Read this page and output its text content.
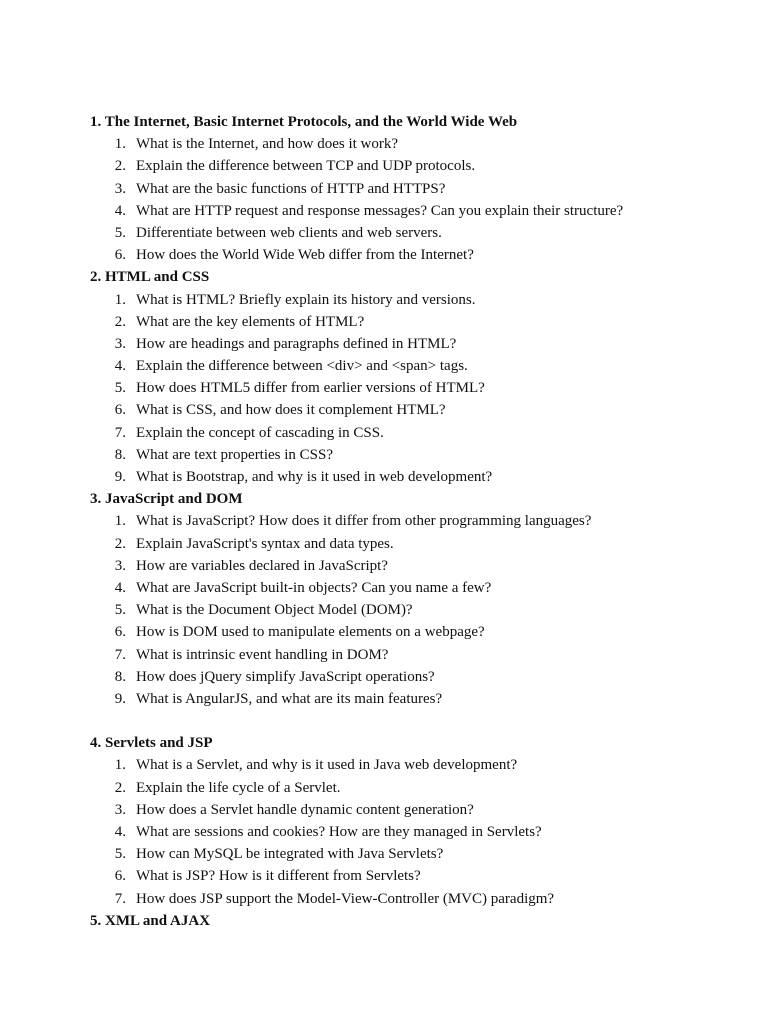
1. The Internet, Basic Internet Protocols, and the World Wide Web
1. What is the Internet, and how does it work?
2. Explain the difference between TCP and UDP protocols.
3. What are the basic functions of HTTP and HTTPS?
4. What are HTTP request and response messages? Can you explain their structure?
5. Differentiate between web clients and web servers.
6. How does the World Wide Web differ from the Internet?
2. HTML and CSS
1. What is HTML? Briefly explain its history and versions.
2. What are the key elements of HTML?
3. How are headings and paragraphs defined in HTML?
4. Explain the difference between <div> and <span> tags.
5. How does HTML5 differ from earlier versions of HTML?
6. What is CSS, and how does it complement HTML?
7. Explain the concept of cascading in CSS.
8. What are text properties in CSS?
9. What is Bootstrap, and why is it used in web development?
3. JavaScript and DOM
1. What is JavaScript? How does it differ from other programming languages?
2. Explain JavaScript's syntax and data types.
3. How are variables declared in JavaScript?
4. What are JavaScript built-in objects? Can you name a few?
5. What is the Document Object Model (DOM)?
6. How is DOM used to manipulate elements on a webpage?
7. What is intrinsic event handling in DOM?
8. How does jQuery simplify JavaScript operations?
9. What is AngularJS, and what are its main features?
4. Servlets and JSP
1. What is a Servlet, and why is it used in Java web development?
2. Explain the life cycle of a Servlet.
3. How does a Servlet handle dynamic content generation?
4. What are sessions and cookies? How are they managed in Servlets?
5. How can MySQL be integrated with Java Servlets?
6. What is JSP? How is it different from Servlets?
7. How does JSP support the Model-View-Controller (MVC) paradigm?
5. XML and AJAX
